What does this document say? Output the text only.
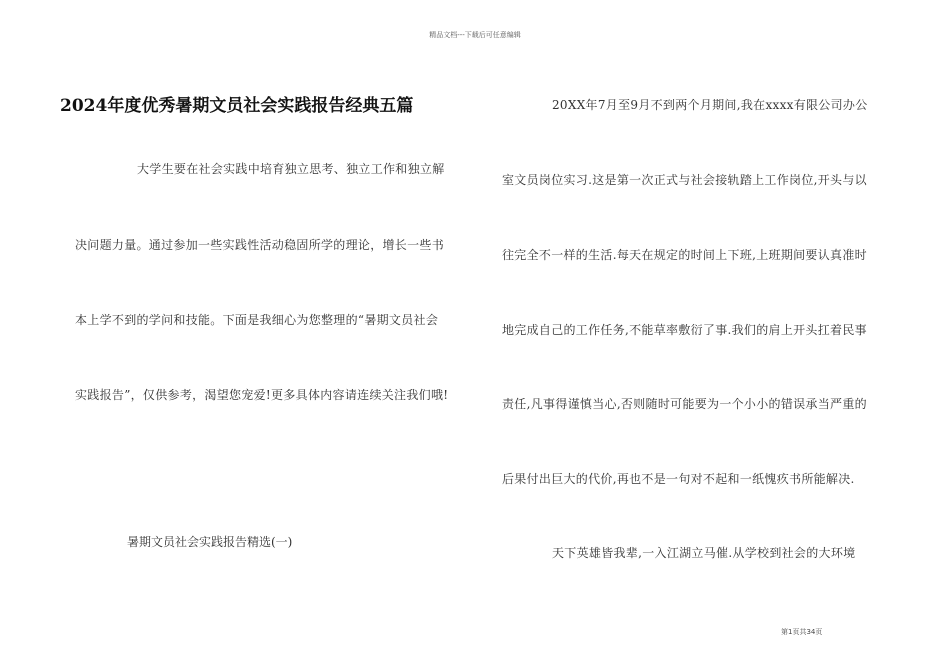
精品文档---下载后可任意编辑
2024年度优秀暑期文员社会实践报告经典五篇
大学生要在社会实践中培育独立思考、独立工作和独立解
决问题力量。通过参加一些实践性活动稳固所学的理论，增长一些书
本上学不到的学问和技能。下面是我细心为您整理的“暑期文员社会
实践报告”，仅供参考，渴望您宠爱!更多具体内容请连续关注我们哦!
暑期文员社会实践报告精选(一)
20XX年7月至9月不到两个月期间,我在xxxx有限公司办公
室文员岗位实习.这是第一次正式与社会接轨踏上工作岗位,开头与以
往完全不一样的生活.每天在规定的时间上下班,上班期间要认真准时
地完成自己的工作任务,不能草率敷衍了事.我们的肩上开头扛着民事
责任,凡事得谨慎当心,否则随时可能要为一个小小的错误承当严重的
后果付出巨大的代价,再也不是一句对不起和一纸愧疚书所能解决.
天下英雄皆我辈,一入江湖立马催.从学校到社会的大环境
第1页共34页
